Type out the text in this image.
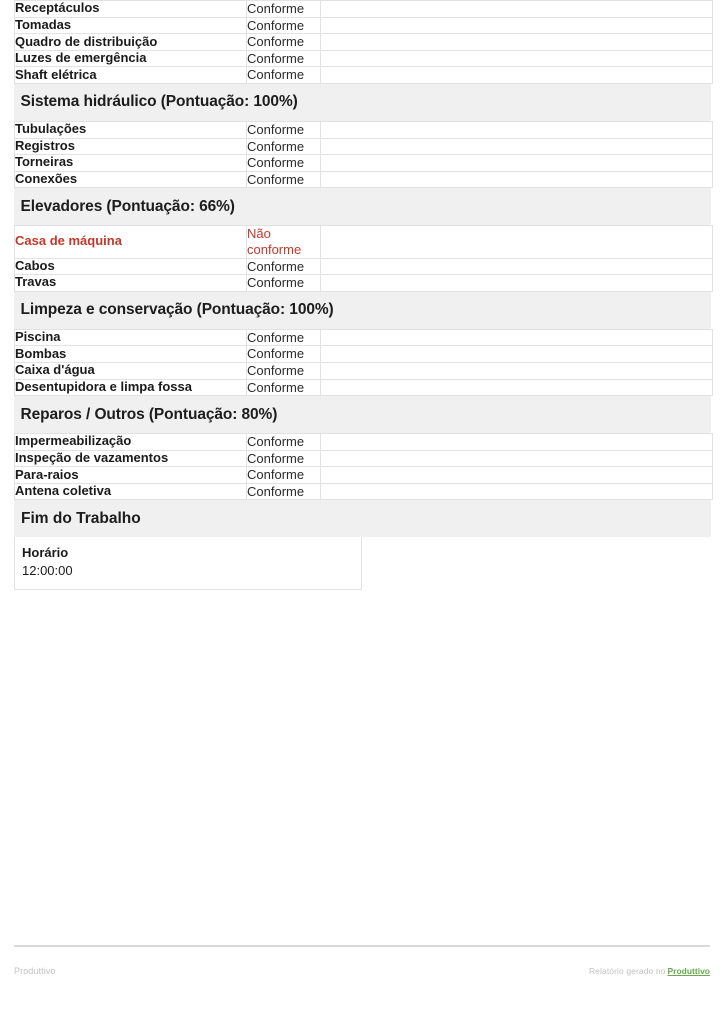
Receptáculos	Conforme	

Tomadas	Conforme	

Quadro de distribuição	Conforme	

Luzes de emergência	Conforme	

Shaft elétrica	Conforme	

Sistema hidráulico (Pontuação: 100%)		

Tubulações	Conforme	

Registros	Conforme	

Torneiras	Conforme	

Conexões	Conforme	

Elevadores (Pontuação: 66%)		

Casa de máquina	Não conforme	

Cabos	Conforme	

Travas	Conforme	

Limpeza e conservação (Pontuação: 100%)		

Piscina	Conforme	

Bombas	Conforme	

Caixa d'água	Conforme	

Desentupidora e limpa fossa	Conforme	

Reparos / Outros (Pontuação: 80%)		

Impermeabilização	Conforme	

Inspeção de vazamentos	Conforme	

Para-raios	Conforme	

Antena coletiva	Conforme	

Fim do Trabalho
Horário
12:00:00
Produttivo	Relatório gerado no Produttivo
